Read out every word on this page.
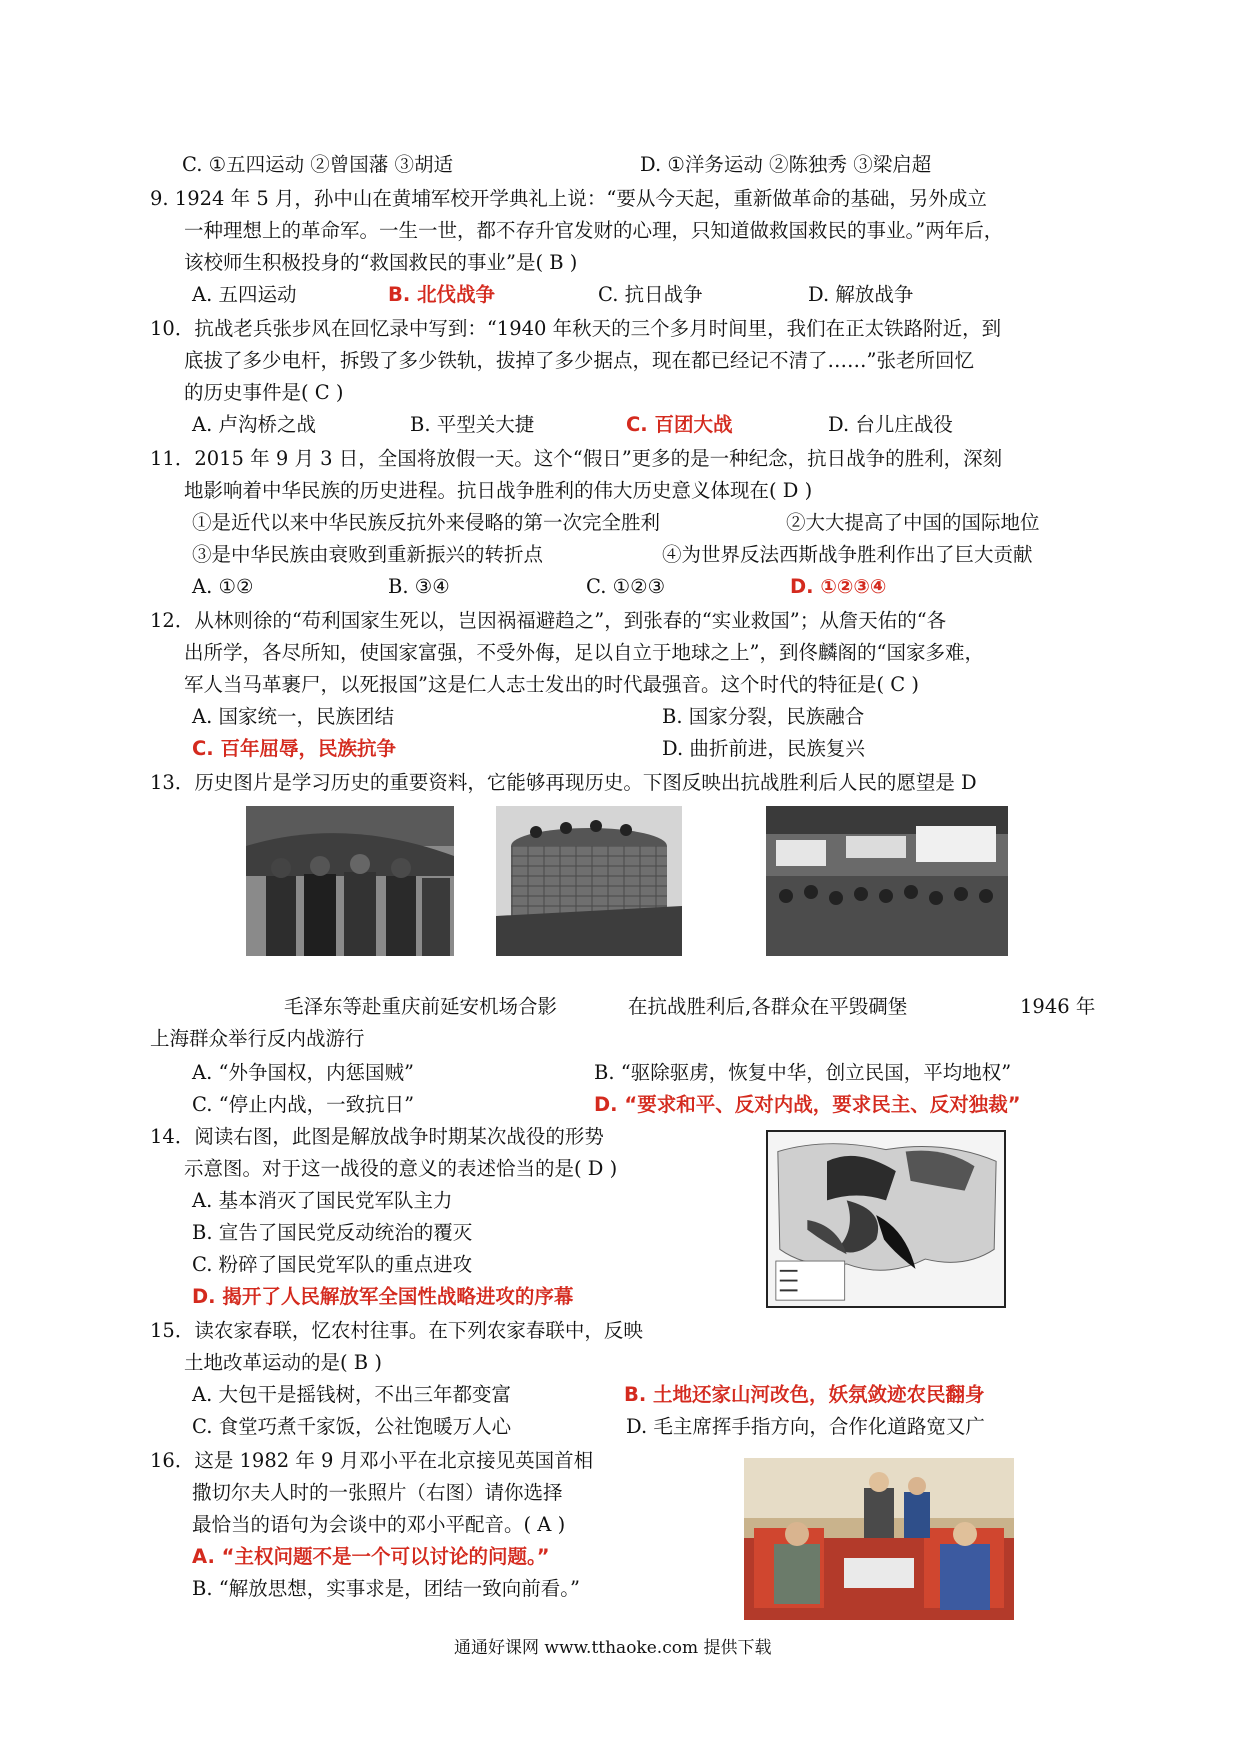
C. ①五四运动 ②曾国藩 ③胡适	D. ①洋务运动 ②陈独秀 ③梁启超
9. 1924 年 5 月，孙中山在黄埔军校开学典礼上说：“要从今天起，重新做革命的基础，另外成立
一种理想上的革命军。一生一世，都不存升官发财的心理，只知道做救国救民的事业。”两年后，
该校师生积极投身的“救国救民的事业”是( B )
A. 五四运动	B. 北伐战争	C. 抗日战争	D. 解放战争
10．抗战老兵张步风在回忆录中写到：“1940 年秋天的三个多月时间里，我们在正太铁路附近，到
底拔了多少电杆，拆毁了多少铁轨，拔掉了多少据点，现在都已经记不清了……”张老所回忆
的历史事件是( C )
A. 卢沟桥之战	B. 平型关大捷	C. 百团大战	D. 台儿庄战役
11．2015 年 9 月 3 日，全国将放假一天。这个“假日”更多的是一种纪念，抗日战争的胜利，深刻
地影响着中华民族的历史进程。抗日战争胜利的伟大历史意义体现在( D )
①是近代以来中华民族反抗外来侵略的第一次完全胜利	②大大提高了中国的国际地位
③是中华民族由衰败到重新振兴的转折点	④为世界反法西斯战争胜利作出了巨大贡献
A. ①②	B. ③④	C. ①②③	D. ①②③④
12．从林则徐的“苟利国家生死以，岂因祸福避趋之”，到张春的“实业救国”；从詹天佑的“各
出所学，各尽所知，使国家富强，不受外侮，足以自立于地球之上”，到佟麟阁的“国家多难，
军人当马革裹尸，以死报国”这是仁人志士发出的时代最强音。这个时代的特征是( C )
A. 国家统一，民族团结	B. 国家分裂，民族融合
C. 百年屈辱，民族抗争	D. 曲折前进，民族复兴
13．历史图片是学习历史的重要资料，它能够再现历史。下图反映出抗战胜利后人民的愿望是 D
毛泽东等赴重庆前延安机场合影	在抗战胜利后,各群众在平毁碉堡	1946 年
上海群众举行反内战游行
A. “外争国权，内惩国贼”	B. “驱除驱虏，恢复中华，创立民国，平均地权”
C. “停止内战，一致抗日”	D. “要求和平、反对内战，要求民主、反对独裁”
14．阅读右图，此图是解放战争时期某次战役的形势
示意图。对于这一战役的意义的表述恰当的是( D )
A. 基本消灭了国民党军队主力
B. 宣告了国民党反动统治的覆灭
C. 粉碎了国民党军队的重点进攻
D. 揭开了人民解放军全国性战略进攻的序幕
15．读农家春联，忆农村往事。在下列农家春联中，反映
土地改革运动的是( B )
A. 大包干是摇钱树，不出三年都变富	B. 土地还家山河改色，妖氛敛迹农民翻身
C. 食堂巧煮千家饭，公社饱暖万人心	D. 毛主席挥手指方向，合作化道路宽又广
16．这是 1982 年 9 月邓小平在北京接见英国首相
撒切尔夫人时的一张照片（右图）请你选择
最恰当的语句为会谈中的邓小平配音。( A )
A. “主权问题不是一个可以讨论的问题。”
B. “解放思想，实事求是，团结一致向前看。”
通通好课网 www.tthaoke.com 提供下载
